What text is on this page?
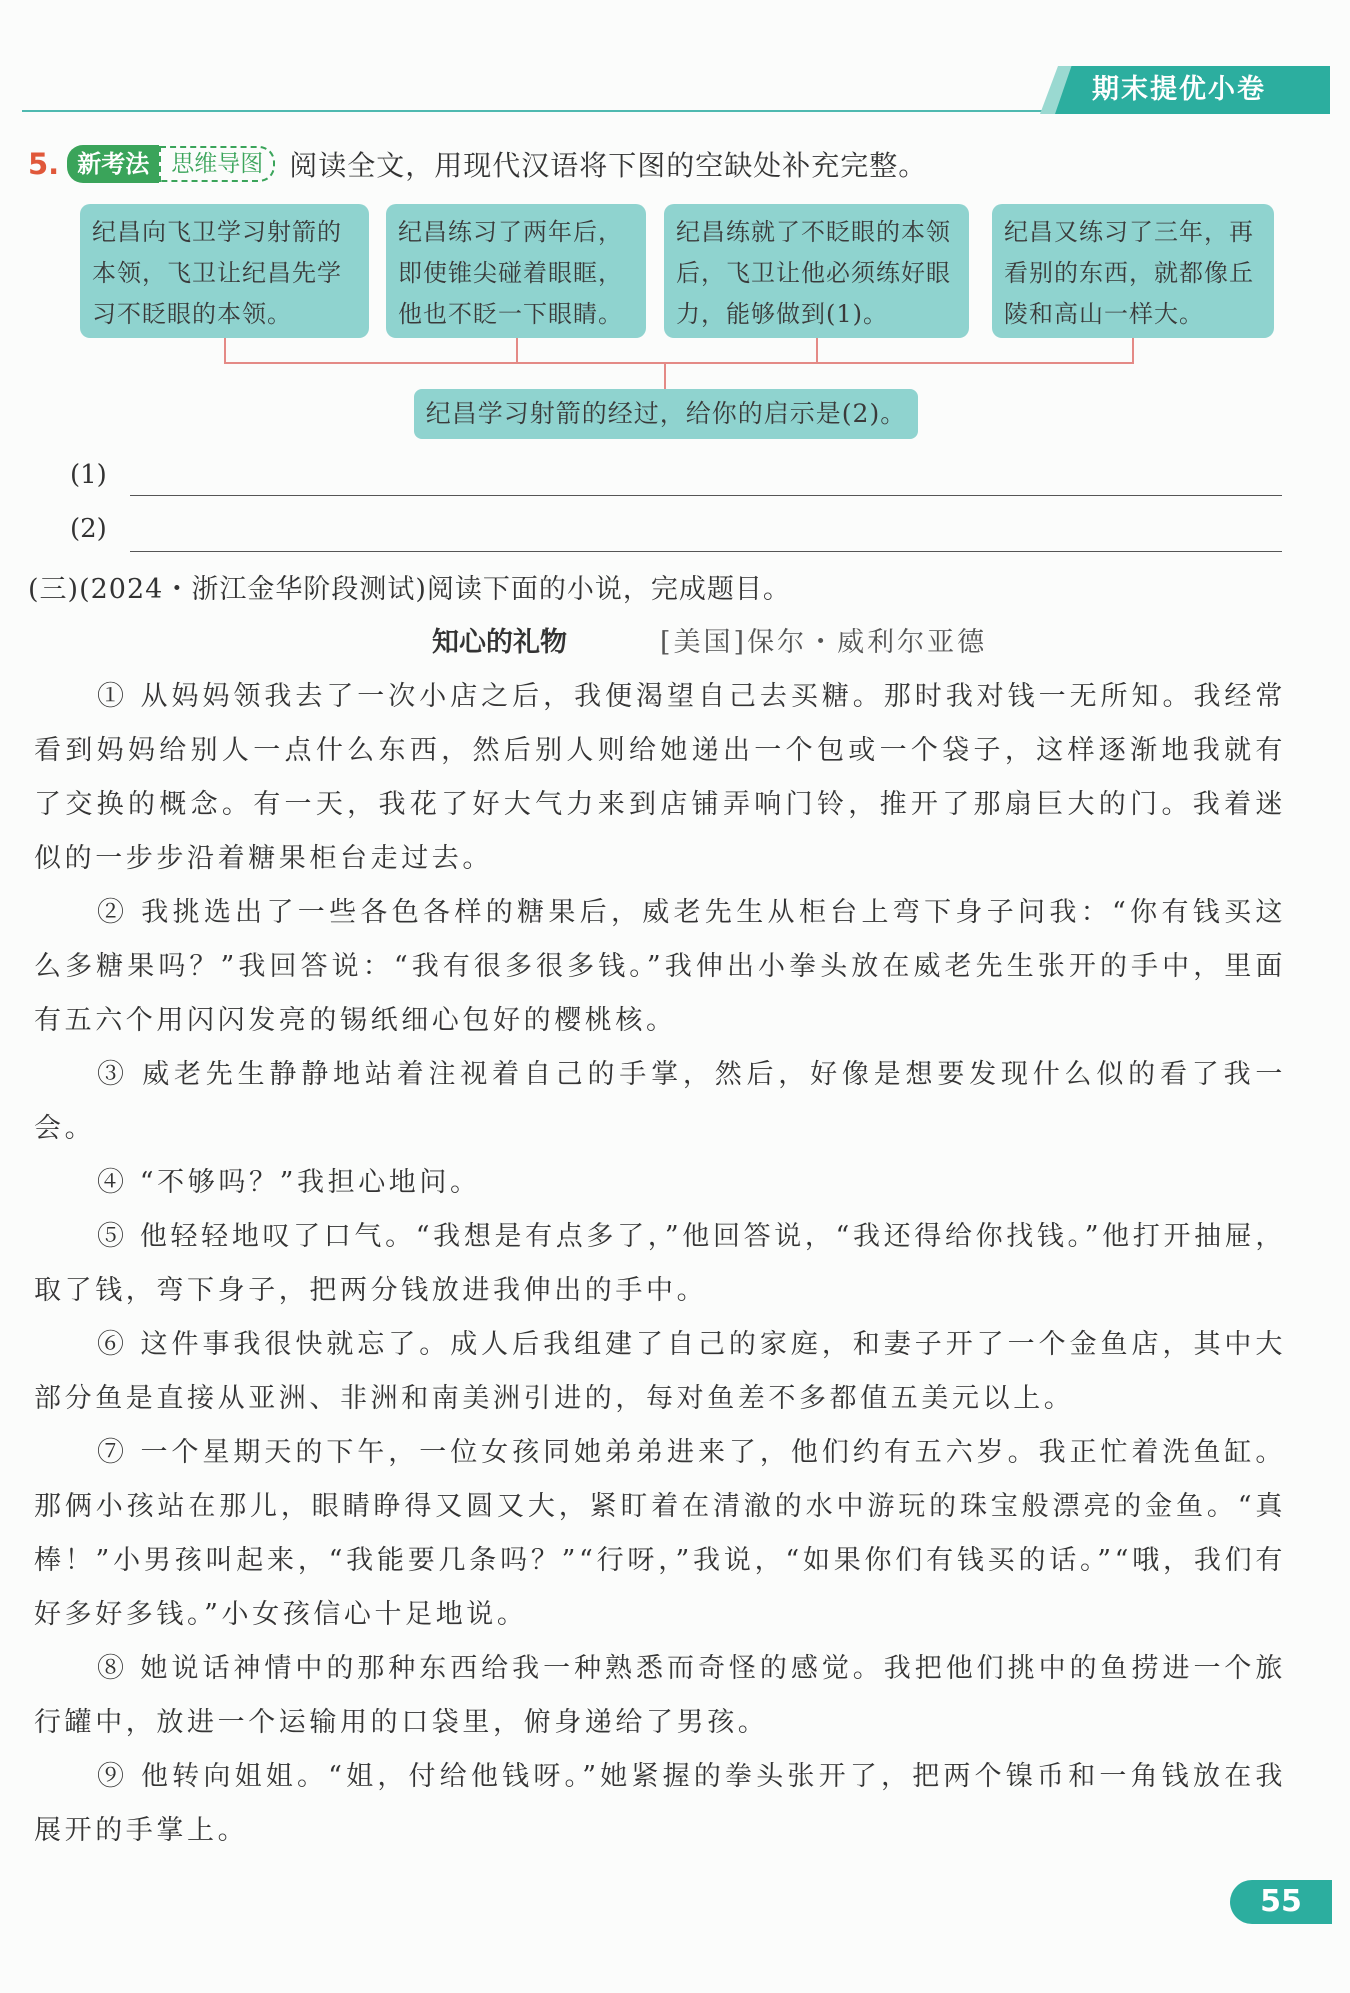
期末提优小卷
5. 新考法 思维导图 阅读全文，用现代汉语将下图的空缺处补充完整。
纪昌向飞卫学习射箭的本领，飞卫让纪昌先学习不眨眼的本领。
纪昌练习了两年后，即使锥尖碰着眼眶，他也不眨一下眼睛。
纪昌练就了不眨眼的本领后，飞卫让他必须练好眼力，能够做到(1)。
纪昌又练习了三年，再看别的东西，就都像丘陵和高山一样大。
纪昌学习射箭的经过，给你的启示是(2)。
(1)
(2)
(三)(2024・浙江金华阶段测试)阅读下面的小说，完成题目。
知心的礼物	[美国]保尔・威利尔亚德

① 从妈妈领我去了一次小店之后，我便渴望自己去买糖。那时我对钱一无所知。我经常看到妈妈给别人一点什么东西，然后别人则给她递出一个包或一个袋子，这样逐渐地我就有了交换的概念。有一天，我花了好大气力来到店铺弄响门铃，推开了那扇巨大的门。我着迷似的一步步沿着糖果柜台走过去。

② 我挑选出了一些各色各样的糖果后，威老先生从柜台上弯下身子问我：“你有钱买这么多糖果吗？”我回答说：“我有很多很多钱。”我伸出小拳头放在威老先生张开的手中，里面有五六个用闪闪发亮的锡纸细心包好的樱桃核。

③ 威老先生静静地站着注视着自己的手掌，然后，好像是想要发现什么似的看了我一会。

④ “不够吗？”我担心地问。

⑤ 他轻轻地叹了口气。“我想是有点多了，”他回答说，“我还得给你找钱。”他打开抽屉，取了钱，弯下身子，把两分钱放进我伸出的手中。

⑥ 这件事我很快就忘了。成人后我组建了自己的家庭，和妻子开了一个金鱼店，其中大部分鱼是直接从亚洲、非洲和南美洲引进的，每对鱼差不多都值五美元以上。

⑦ 一个星期天的下午，一位女孩同她弟弟进来了，他们约有五六岁。我正忙着洗鱼缸。那俩小孩站在那儿，眼睛睁得又圆又大，紧盯着在清澈的水中游玩的珠宝般漂亮的金鱼。“真棒！”小男孩叫起来，“我能要几条吗？”“行呀，”我说，“如果你们有钱买的话。”“哦，我们有好多好多钱。”小女孩信心十足地说。

⑧ 她说话神情中的那种东西给我一种熟悉而奇怪的感觉。我把他们挑中的鱼捞进一个旅行罐中，放进一个运输用的口袋里，俯身递给了男孩。

⑨ 他转向姐姐。“姐，付给他钱呀。”她紧握的拳头张开了，把两个镍币和一角钱放在我展开的手掌上。

55
